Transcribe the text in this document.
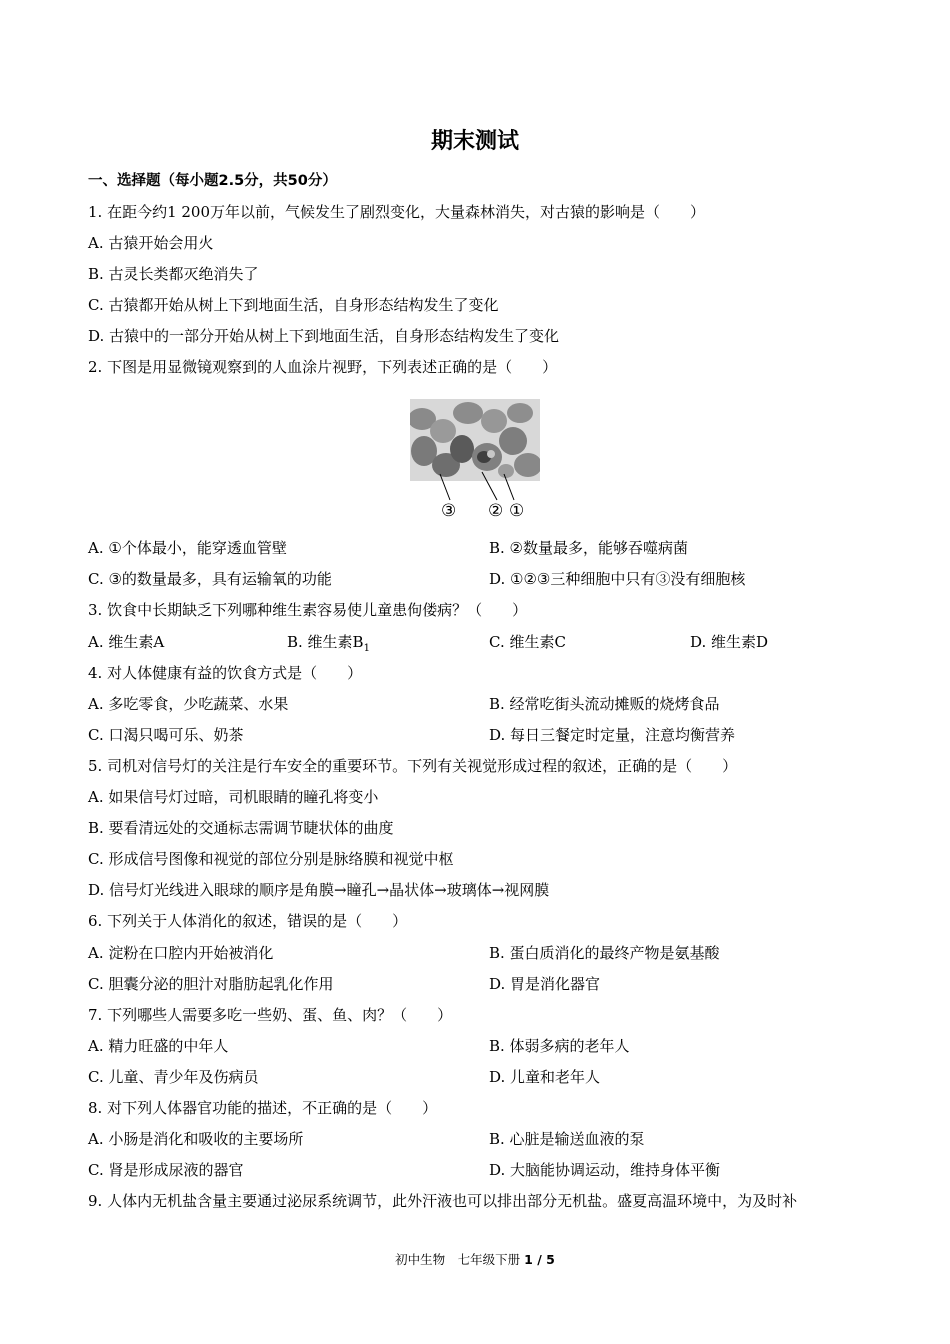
期末测试
一、选择题（每小题2.5分，共50分）
1. 在距今约1 200万年以前，气候发生了剧烈变化，大量森林消失，对古猿的影响是（　　）
A. 古猿开始会用火
B. 古灵长类都灭绝消失了
C. 古猿都开始从树上下到地面生活，自身形态结构发生了变化
D. 古猿中的一部分开始从树上下到地面生活，自身形态结构发生了变化
2. 下图是用显微镜观察到的人血涂片视野，下列表述正确的是（　　）
③ ② ①
A. ①个体最小，能穿透血管壁	B. ②数量最多，能够吞噬病菌
C. ③的数量最多，具有运输氧的功能	D. ①②③三种细胞中只有③没有细胞核
3. 饮食中长期缺乏下列哪种维生素容易使儿童患佝偻病？（　　）
A. 维生素A	B. 维生素$B_1$	C. 维生素C	D. 维生素D
4. 对人体健康有益的饮食方式是（　　）
A. 多吃零食，少吃蔬菜、水果	B. 经常吃街头流动摊贩的烧烤食品
C. 口渴只喝可乐、奶茶	D. 每日三餐定时定量，注意均衡营养
5. 司机对信号灯的关注是行车安全的重要环节。下列有关视觉形成过程的叙述，正确的是（　　）
A. 如果信号灯过暗，司机眼睛的瞳孔将变小
B. 要看清远处的交通标志需调节睫状体的曲度
C. 形成信号图像和视觉的部位分别是脉络膜和视觉中枢
D. 信号灯光线进入眼球的顺序是角膜→瞳孔→晶状体→玻璃体→视网膜
6. 下列关于人体消化的叙述，错误的是（　　）
A. 淀粉在口腔内开始被消化	B. 蛋白质消化的最终产物是氨基酸
C. 胆囊分泌的胆汁对脂肪起乳化作用	D. 胃是消化器官
7. 下列哪些人需要多吃一些奶、蛋、鱼、肉？（　　）
A. 精力旺盛的中年人	B. 体弱多病的老年人
C. 儿童、青少年及伤病员	D. 儿童和老年人
8. 对下列人体器官功能的描述，不正确的是（　　）
A. 小肠是消化和吸收的主要场所	B. 心脏是输送血液的泵
C. 肾是形成尿液的器官	D. 大脑能协调运动，维持身体平衡
9. 人体内无机盐含量主要通过泌尿系统调节，此外汗液也可以排出部分无机盐。盛夏高温环境中，为及时补
初中生物　七年级下册 1 / 5
